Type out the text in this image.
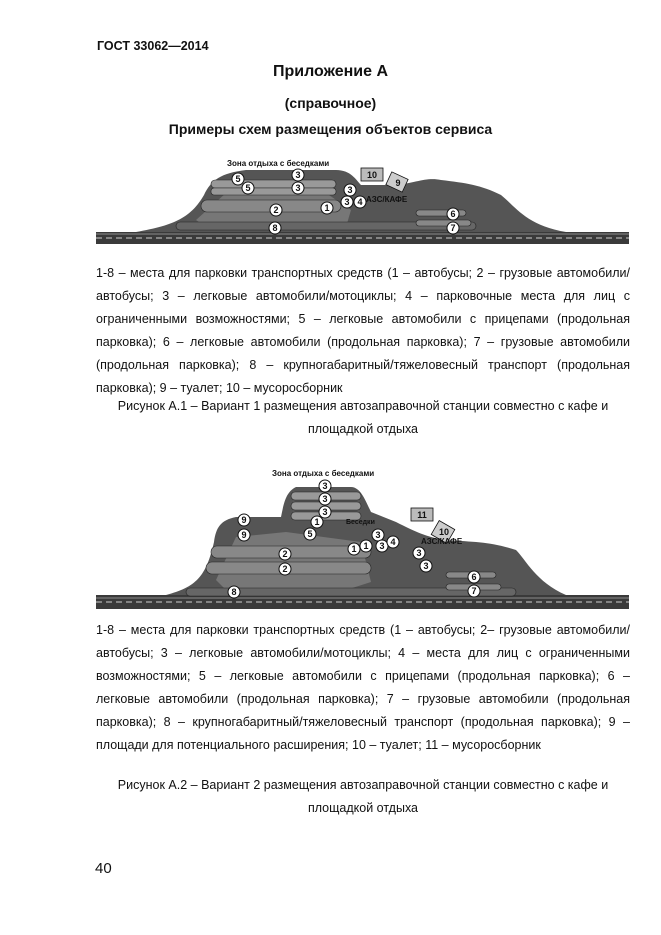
ГОСТ 33062—2014
Приложение А
(справочное)
Примеры схем размещения объектов сервиса
Зона отдыха с беседками
АЗС/КАФЕ
5
5
3
3	3
2	1
3 4
8
10
9
6
7
1-8 – места для парковки транспортных средств (1 – автобусы; 2 – грузовые автомобили/автобусы; 3 – легковые автомобили/мотоциклы; 4 – парковочные места для лиц с ограниченными возможностями; 5 – легковые автомобили с прицепами (продольная парковка); 6 – легковые автомобили (продольная парковка); 7 – грузовые автомобили (продольная парковка); 8 – крупногабаритный/тяжеловесный транспорт (продольная парковка); 9 – туалет; 10 – мусоросборник
Рисунок А.1 – Вариант 1 размещения автозаправочной станции совместно с кафе и
площадкой отдыха
Зона отдыха с беседками
АЗС/КАФЕ
Беседки
3
3
3
1
5
9
9
2
2
8
1 1
3
3 4
3
3
11
10
6
7
1-8 – места для парковки транспортных средств (1 – автобусы; 2– грузовые автомобили/автобусы; 3 – легковые автомобили/мотоциклы; 4 – места для лиц с ограниченными возможностями; 5 – легковые автомобили с прицепами (продольная парковка); 6 –легковые автомобили (продольная парковка); 7 – грузовые автомобили (продольная парковка); 8 – крупногабаритный/тяжеловесный транспорт (продольная парковка); 9 – площади для потенциального расширения; 10 – туалет; 11 – мусоросборник
Рисунок А.2 – Вариант 2 размещения автозаправочной станции совместно с кафе и
площадкой отдыха
40
